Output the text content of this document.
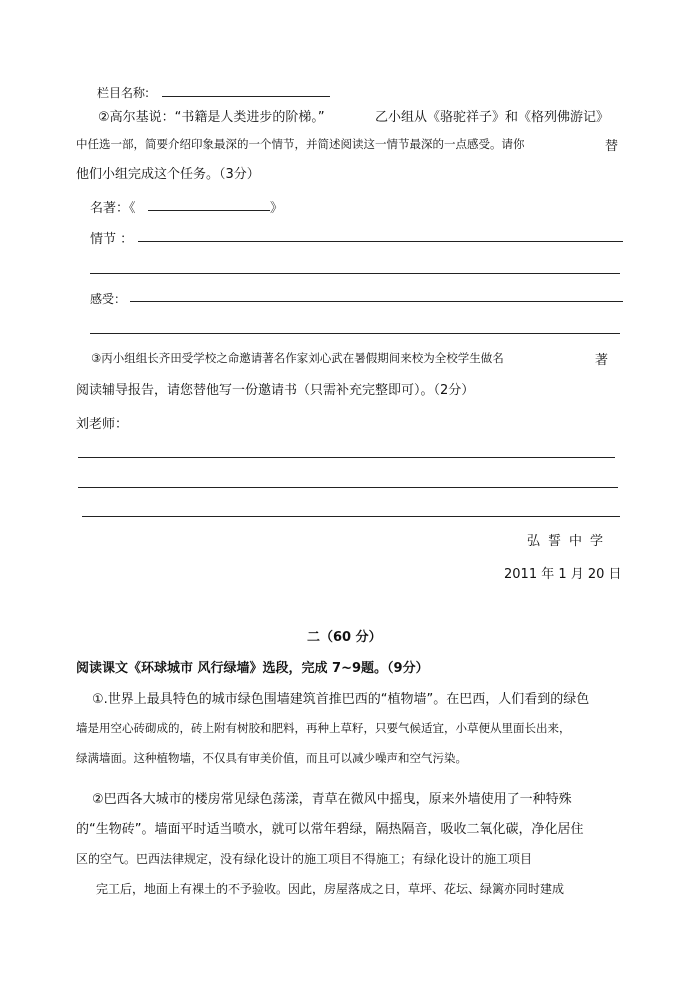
栏目名称:
②高尔基说：“书籍是人类进步的阶梯。”	乙小组从《骆驼祥子》和《格列佛游记》
中任选一部，简要介绍印象最深的一个情节，并简述阅读这一情节最深的一点感受。请你	替
他们小组完成这个任务。（3分）
名著：《	》
情节 ：
感受：
③丙小组组长齐田受学校之命邀请著名作家刘心武在暑假期间来校为全校学生做名	著
阅读辅导报告，请您替他写一份邀请书（只需补充完整即可）。（2分）
刘老师：
弘誓中学
2011 年 1 月 20 日
二（60 分）
阅读课文《环球城市 风行绿墙》选段，完成 7~9题。（9分）
①.世界上最具特色的城市绿色围墙建筑首推巴西的“植物墙”。在巴西，人们看到的绿色
墙是用空心砖砌成的，砖上附有树胶和肥料，再种上草籽，只要气候适宜，小草便从里面长出来，
绿满墙面。这种植物墙，不仅具有审美价值，而且可以减少噪声和空气污染。
②巴西各大城市的楼房常见绿色荡漾，青草在微风中摇曳，原来外墙使用了一种特殊
的“生物砖”。墙面平时适当喷水，就可以常年碧绿，隔热隔音，吸收二氧化碳，净化居住
区的空气。巴西法律规定，没有绿化设计的施工项目不得施工；有绿化设计的施工项目
完工后，地面上有裸土的不予验收。因此，房屋落成之日，草坪、花坛、绿篱亦同时建成
